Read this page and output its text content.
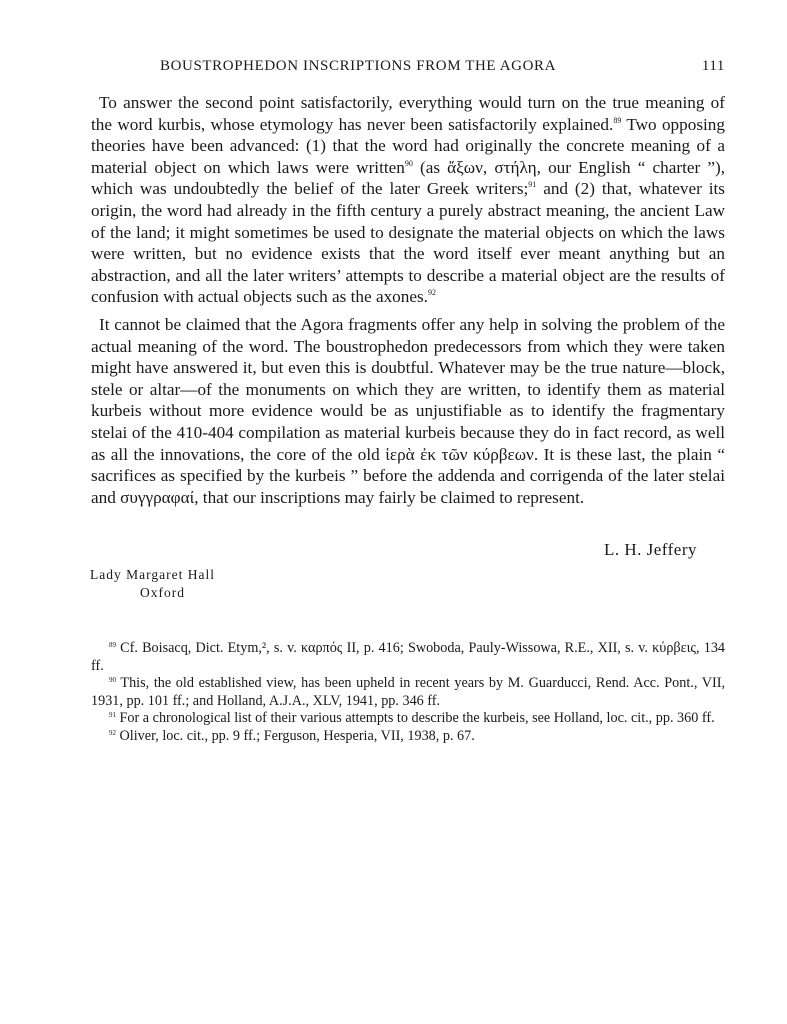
BOUSTROPHEDON INSCRIPTIONS FROM THE AGORA	111

To answer the second point satisfactorily, everything would turn on the true meaning of the word kurbis, whose etymology has never been satisfactorily explained.$^{89}$ Two opposing theories have been advanced: (1) that the word had originally the concrete meaning of a material object on which laws were written$^{90}$ (as ἄξων, στήλη, our English “ charter ”), which was undoubtedly the belief of the later Greek writers;$^{91}$ and (2) that, whatever its origin, the word had already in the fifth century a purely abstract meaning, the ancient Law of the land; it might sometimes be used to designate the material objects on which the laws were written, but no evidence exists that the word itself ever meant anything but an abstraction, and all the later writers’ attempts to describe a material object are the results of confusion with actual objects such as the axones.$^{92}$

It cannot be claimed that the Agora fragments offer any help in solving the problem of the actual meaning of the word. The boustrophedon predecessors from which they were taken might have answered it, but even this is doubtful. Whatever may be the true nature—block, stele or altar—of the monuments on which they are written, to identify them as material kurbeis without more evidence would be as unjustifiable as to identify the fragmentary stelai of the 410-404 compilation as material kurbeis because they do in fact record, as well as all the innovations, the core of the old ἱερὰ ἐκ τῶν κύρβεων. It is these last, the plain “ sacrifices as specified by the kurbeis ” before the addenda and corrigenda of the later stelai and συγγραφαί, that our inscriptions may fairly be claimed to represent.

L. H. Jeffery
Lady Margaret Hall
Oxford

$^{89}$ Cf. Boisacq, Dict. Etym,², s. v. καρπός II, p. 416; Swoboda, Pauly-Wissowa, R.E., XII, s. v. κύρβεις, 134 ff.

$^{90}$ This, the old established view, has been upheld in recent years by M. Guarducci, Rend. Acc. Pont., VII, 1931, pp. 101 ff.; and Holland, A.J.A., XLV, 1941, pp. 346 ff.

$^{91}$ For a chronological list of their various attempts to describe the kurbeis, see Holland, loc. cit., pp. 360 ff.

$^{92}$ Oliver, loc. cit., pp. 9 ff.; Ferguson, Hesperia, VII, 1938, p. 67.
